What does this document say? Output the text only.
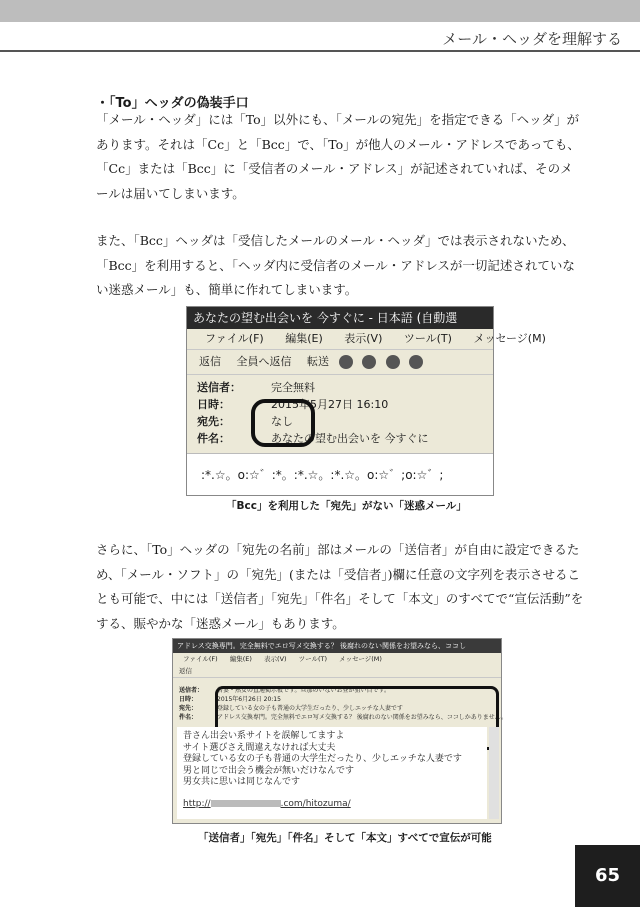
メール・ヘッダを理解する
・「To」ヘッダの偽装手口

「メール・ヘッダ」には「To」以外にも、「メールの宛先」を指定できる「ヘッダ」があります。それは「Cc」と「Bcc」で、「To」が他人のメール・アドレスであっても、「Cc」または「Bcc」に「受信者のメール・アドレス」が記述されていれば、そのメールは届いてしまいます。

また、「Bcc」ヘッダは「受信したメールのメール・ヘッダ」では表示されないため、「Bcc」を利用すると、「ヘッダ内に受信者のメール・アドレスが一切記述されていない迷惑メール」も、簡単に作れてしまいます。

あなたの望む出会いを 今すぐに - 日本語 (自動選
ファイル(F) 編集(E) 表示(V) ツール(T) メッセージ(M)
返信 全員へ返信 転送
送信者：	完全無料
日時：	2015年5月27日 16:10
宛先：	なし
件名：	あなたの望む出会いを 今すぐに
:*.☆。o:☆゛:*。:*.☆。:*.☆。o:☆゛;o:☆゛;
「Bcc」を利用した「宛先」がない「迷惑メール」

さらに、「To」ヘッダの「宛先の名前」部はメールの「送信者」が自由に設定できるため、「メール・ソフト」の「宛先」(または「受信者」)欄に任意の文字列を表示させることも可能で、中には「送信者」「宛先」「件名」そして「本文」のすべてで“宣伝活動”をする、賑やかな「迷惑メール」もあります。

アドレス交換専門。完全無料でエロ写メ交換する？ 後腐れのない関係をお望みなら、ココし
ファイル(F) 編集(E) 表示(V) ツール(T) メッセージ(M)
返信
送信者： 若妻・熟女の直通掲示板です。旦那のいないお昼が狙い目です。
日時：	2015年6月26日 20:15
宛先：	登録している女の子も普通の大学生だったり、少しエッチな人妻です
件名：	アドレス交換専門。完全無料でエロ写メ交換する？ 後腐れのない関係をお望みなら、ココしかありません。
昔さん出会い系サイトを誤解してますよ
サイト選びさえ間違えなければ大丈夫
登録している女の子も普通の大学生だったり、少しエッチな人妻です
男と同じで出会う機会が無いだけなんです
男女共に思いは同じなんです
http://	.com/hitozuma/
「送信者」「宛先」「件名」そして「本文」すべてで宣伝が可能
65
